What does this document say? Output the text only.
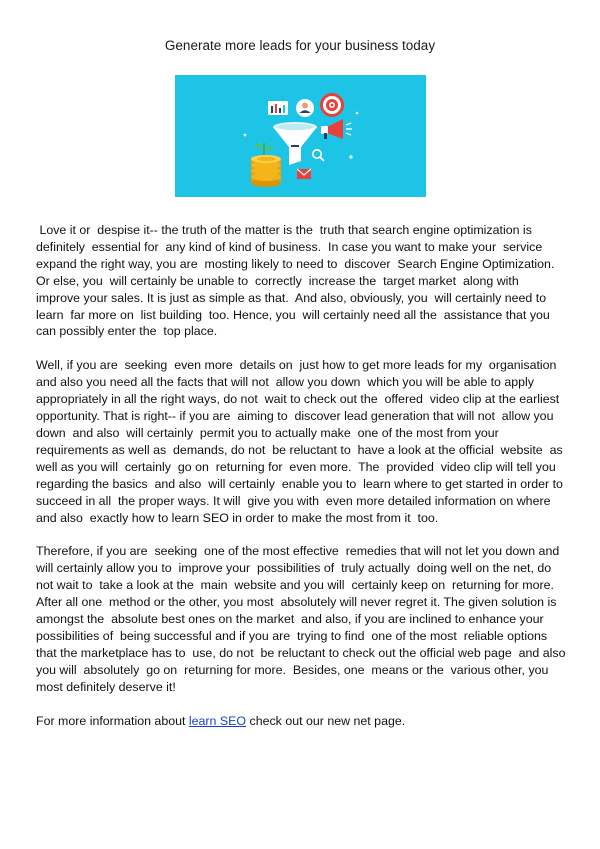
Generate more leads for your business today

Love it or  despise it-- the truth of the matter is the  truth that search engine optimization is definitely  essential for  any kind of kind of business.  In case you want to make your  service expand the right way, you are  mosting likely to need to  discover  Search Engine Optimization.  Or else, you  will certainly be unable to  correctly  increase the  target market  along with  improve your sales. It is just as simple as that.  And also, obviously, you  will certainly need to learn  far more on  list building  too. Hence, you  will certainly need all the  assistance that you can possibly enter the  top place.

Well, if you are  seeking  even more  details on  just how to get more leads for my  organisation and also you need all the facts that will not  allow you down  which you will be able to apply appropriately in all the right ways, do not  wait to check out the  offered  video clip at the earliest opportunity. That is right-- if you are  aiming to  discover lead generation that will not  allow you down  and also  will certainly  permit you to actually make  one of the most from your requirements as well as  demands, do not  be reluctant to  have a look at the official  website  as well as you will  certainly  go on  returning for  even more.  The  provided  video clip will tell you regarding the basics  and also  will certainly  enable you to  learn where to get started in order to succeed in all  the proper ways. It will  give you with  even more detailed information on where and also  exactly how to learn SEO in order to make the most from it  too.

Therefore, if you are  seeking  one of the most effective  remedies that will not let you down and will certainly allow you to  improve your  possibilities of  truly actually  doing well on the net, do not wait to  take a look at the  main  website and you will  certainly keep on  returning for more. After all one  method or the other, you most  absolutely will never regret it. The given solution is amongst the  absolute best ones on the market  and also, if you are inclined to enhance your possibilities of  being successful and if you are  trying to find  one of the most  reliable options that the marketplace has to  use, do not  be reluctant to check out the official web page  and also you will  absolutely  go on  returning for more.  Besides, one  means or the  various other, you most definitely deserve it!

For more information about learn SEO check out our new net page.
